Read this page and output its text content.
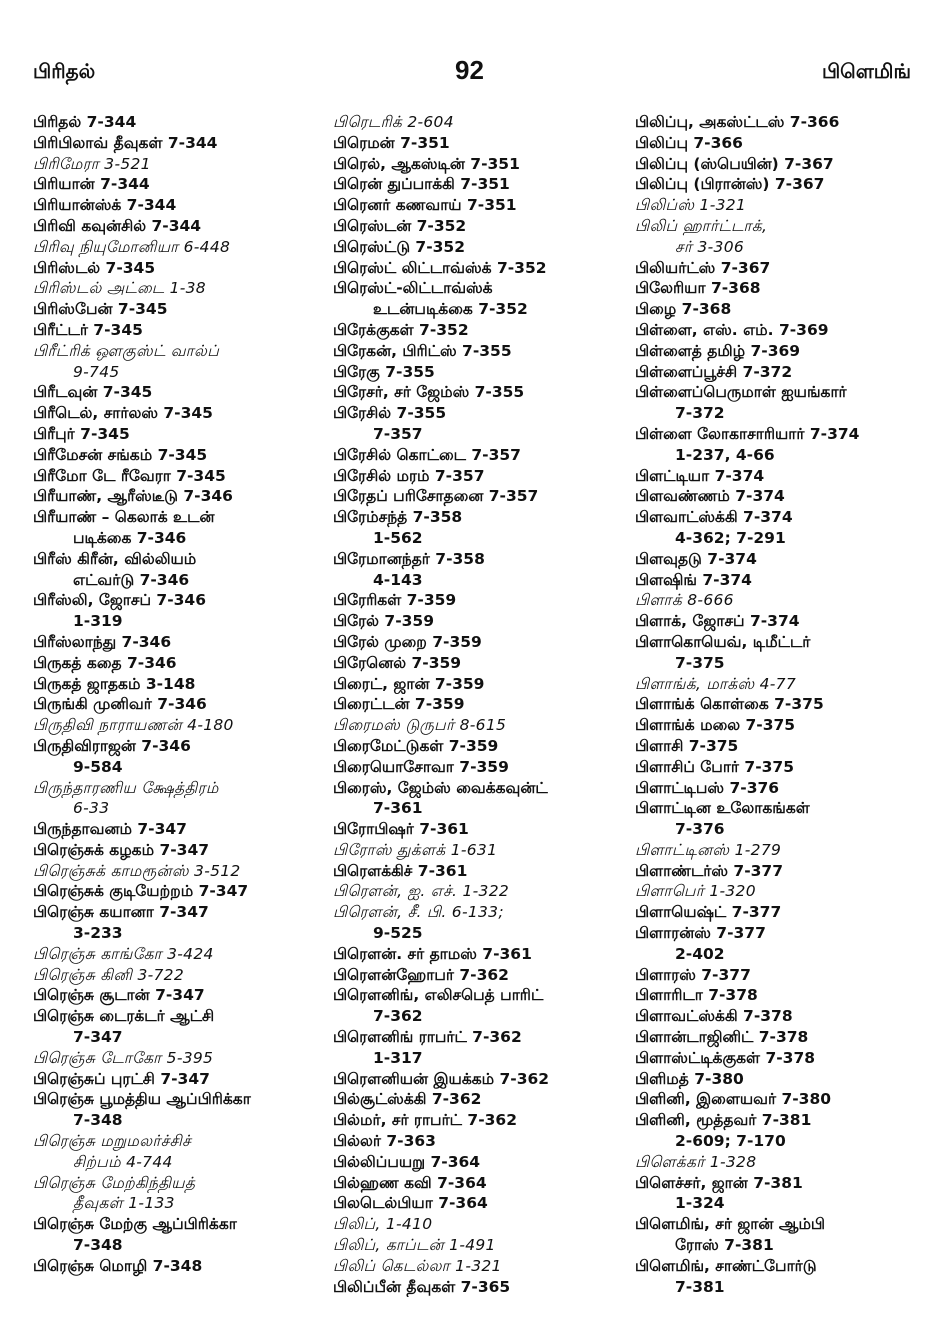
பிரிதல்	92	பிளெமிங்
பிரிதல் 7-344
பிரிபிலாவ் தீவுகள் 7-344
பிரிமேரா 3-521
பிரியான் 7-344
பிரியான்ஸ்க் 7-344
பிரிவி கவுன்சில் 7-344
பிரிவு நியுமோனியா 6-448
பிரிஸ்டல் 7-345
பிரிஸ்டல் அட்டை 1-38
பிரிஸ்பேன் 7-345
பிரீட்டர் 7-345
பிரீட்ரிக் ஔகுஸ்ட் வால்ப்
9-745
பிரீடவுன் 7-345
பிரீடெல், சார்லஸ் 7-345
பிரீபுர் 7-345
பிரீமேசன் சங்கம் 7-345
பிரீமோ டே ரீவேரா 7-345
பிரீயாண், ஆரீஸ்டீடு 7-346
பிரீயாண் – கெலாக் உடன்
படிக்கை 7-346
பிரீஸ் கிரீன், வில்லியம்
எட்வர்டு 7-346
பிரீஸ்லி, ஜோசப் 7-346
1-319
பிரீஸ்லாந்து 7-346
பிருகத் கதை 7-346
பிருகத் ஜாதகம் 3-148
பிருங்கி முனிவர் 7-346
பிருதிவி நாராயணன் 4-180
பிருதிவிராஜன் 7-346
9-584
பிருந்தாரணிய க்ஷேத்திரம்
6-33
பிருந்தாவனம் 7-347
பிரெஞ்சுக் கழகம் 7-347
பிரெஞ்சுக் காமரூன்ஸ் 3-512
பிரெஞ்சுக் குடியேற்றம் 7-347
பிரெஞ்சு கயானா 7-347
3-233
பிரெஞ்சு காங்கோ 3-424
பிரெஞ்சு கினி 3-722
பிரெஞ்சு சூடான் 7-347
பிரெஞ்சு டைரக்டர் ஆட்சி
7-347
பிரெஞ்சு டோகோ 5-395
பிரெஞ்சுப் புரட்சி 7-347
பிரெஞ்சு பூமத்திய ஆப்பிரிக்கா
7-348
பிரெஞ்சு மறுமலர்ச்சிச்
சிற்பம் 4-744
பிரெஞ்சு மேற்கிந்தியத்
தீவுகள் 1-133
பிரெஞ்சு மேற்கு ஆப்பிரிக்கா
7-348
பிரெஞ்சு மொழி 7-348
பிரெடரிக் 2-604
பிரெமன் 7-351
பிரெல், ஆகஸ்டின் 7-351
பிரென் துப்பாக்கி 7-351
பிரெனர் கணவாய் 7-351
பிரெஸ்டன் 7-352
பிரெஸ்ட்டு 7-352
பிரெஸ்ட் லிட்டாவ்ஸ்க் 7-352
பிரெஸ்ட்-லிட்டாவ்ஸ்க்
உடன்படிக்கை 7-352
பிரேக்குகள் 7-352
பிரேகன், பிரிட்ஸ் 7-355
பிரேகு 7-355
பிரேசர், சர் ஜேம்ஸ் 7-355
பிரேசில் 7-355
7-357
பிரேசில் கொட்டை 7-357
பிரேசில் மரம் 7-357
பிரேதப் பரிசோதனை 7-357
பிரேம்சந்த் 7-358
1-562
பிரேமானந்தர் 7-358
4-143
பிரேரிகள் 7-359
பிரேல் 7-359
பிரேல் முறை 7-359
பிரேனெல் 7-359
பிரைட், ஜான் 7-359
பிரைட்டன் 7-359
பிரைமஸ் டுருபர் 8-615
பிரைமேட்டுகள் 7-359
பிரையொசோவா 7-359
பிரைஸ், ஜேம்ஸ் வைக்கவுன்ட்
7-361
பிரோபிஷர் 7-361
பிரோஸ் துக்ளக் 1-631
பிரௌக்கிச் 7-361
பிரௌன், ஐ. எச். 1-322
பிரௌன், சீ. பி. 6-133;
9-525
பிரௌன். சர் தாமஸ் 7-361
பிரௌன்ஹோபர் 7-362
பிரௌனிங், எலிசபெத் பாரிட்
7-362
பிரௌனிங் ராபர்ட் 7-362
1-317
பிரௌனியன் இயக்கம் 7-362
பில்சூட்ஸ்க்கி 7-362
பில்மர், சர் ராபர்ட் 7-362
பில்லர் 7-363
பில்லிப்பயறு 7-364
பில்ஹண கவி 7-364
பிலடெல்பியா 7-364
பிலிப், 1-410
பிலிப், காப்டன் 1-491
பிலிப் கெடல்லா 1-321
பிலிப்பீன் தீவுகள் 7-365
பிலிப்பு, அகஸ்ட்டஸ் 7-366
பிலிப்பு 7-366
பிலிப்பு (ஸ்பெயின்) 7-367
பிலிப்பு (பிரான்ஸ்) 7-367
பிலிப்ஸ் 1-321
பிலிப் ஹார்ட்டாக்,
சர் 3-306
பிலியர்ட்ஸ் 7-367
பிலேரியா 7-368
பிழை 7-368
பிள்ளை, எஸ். எம். 7-369
பிள்ளைத் தமிழ் 7-369
பிள்ளைப்பூச்சி 7-372
பிள்ளைப்பெருமாள் ஐயங்கார்
7-372
பிள்ளை லோகாசாரியார் 7-374
1-237, 4-66
பிளட்டியா 7-374
பிளவண்ணம் 7-374
பிளவாட்ஸ்க்கி 7-374
4-362; 7-291
பிளவுதடு 7-374
பிளஷிங் 7-374
பிளாக் 8-666
பிளாக், ஜோசப் 7-374
பிளாகொயெவ், டிமீட்டர்
7-375
பிளாங்க், மாக்ஸ் 4-77
பிளாங்க் கொள்கை 7-375
பிளாங்க் மலை 7-375
பிளாசி 7-375
பிளாசிப் போர் 7-375
பிளாட்டிபஸ் 7-376
பிளாட்டின உலோகங்கள்
7-376
பிளாட்டினஸ் 1-279
பிளாண்டர்ஸ் 7-377
பிளாபெர் 1-320
பிளாயெஷ்ட் 7-377
பிளாரன்ஸ் 7-377
2-402
பிளாரஸ் 7-377
பிளாரிடா 7-378
பிளாவட்ஸ்க்கி 7-378
பிளான்டாஜினிட் 7-378
பிளாஸ்ட்டிக்குகள் 7-378
பிளிமத் 7-380
பிளினி, இளையவர் 7-380
பிளினி, மூத்தவர் 7-381
2-609; 7-170
பிளெக்கர் 1-328
பிளெச்சர், ஜான் 7-381
1-324
பிளெமிங், சர் ஜான் ஆம்பி
ரோஸ் 7-381
பிளெமிங், சாண்ட்போர்டு
7-381
